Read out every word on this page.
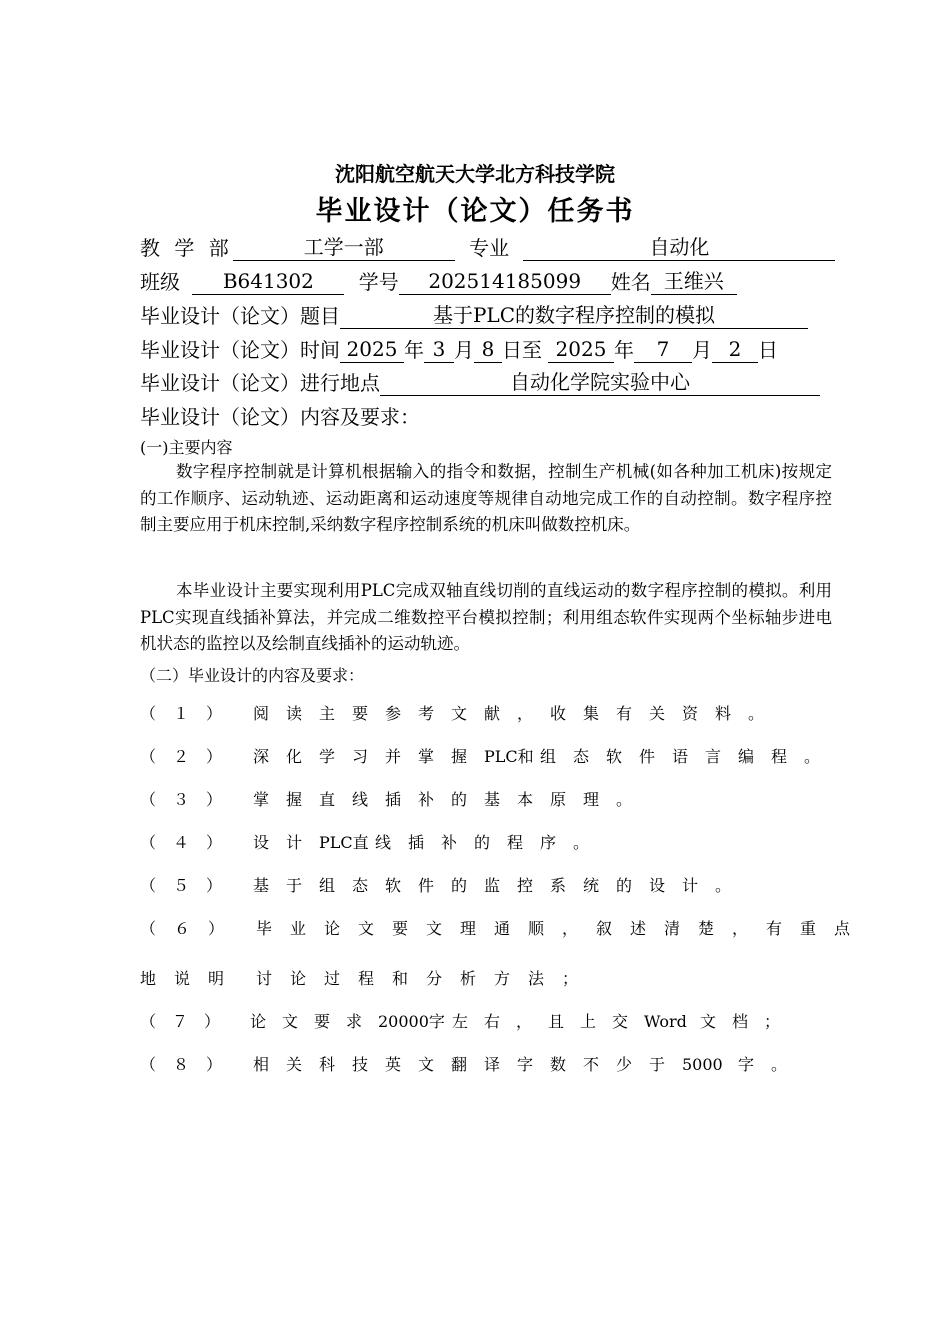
沈阳航空航天大学北方科技学院
毕业设计（论文）任务书
教 学 部	工学一部	专业	自动化
班级 B641302 学号 202514185099 姓名 王维兴
毕业设计（论文）题目	基于PLC的数字程序控制的模拟
毕业设计（论文）时间 2025 年 3 月 8 日至 2025 年 7 月 2 日
毕业设计（论文）进行地点	自动化学院实验中心
毕业设计（论文）内容及要求：
(一)主要内容
数字程序控制就是计算机根据输入的指令和数据，控制生产机械(如各种加工机床)按规定的工作顺序、运动轨迹、运动距离和运动速度等规律自动地完成工作的自动控制。数字程序控制主要应用于机床控制,采纳数字程序控制系统的机床叫做数控机床。
本毕业设计主要实现利用PLC完成双轴直线切削的直线运动的数字程序控制的模拟。利用PLC实现直线插补算法，并完成二维数控平台模拟控制；利用组态软件实现两个坐标轴步进电机状态的监控以及绘制直线插补的运动轨迹。
（二）毕业设计的内容及要求：
（	１	）	阅	读	主	要	参	考	文	献	，	收	集	有	关	资	料	。
（	２	）	深	化	学	习	并	掌	握	PLC和 组	态	软	件	语	言	编	程	。
（	３	）	掌	握	直	线	插	补	的	基	本	原	理	。
（	４	）	设	计	PLC直 线	插	补	的	程	序	。
（	５	）	基	于	组	态	软	件	的	监	控	系	统	的	设	计	。
（	６	）	毕	业	论	文	要	文	理	通	顺	，	叙	述	清	楚	，	有	重	点
地	说	明	讨	论	过	程	和	分	析	方	法	；
（ ７ ）	论 文 要 求 20000字 左 右 ， 且 上 交 Word 文 档 ；
（	８	）	相	关	科	技	英	文	翻	译	字	数	不	少	于	5000 字	。
